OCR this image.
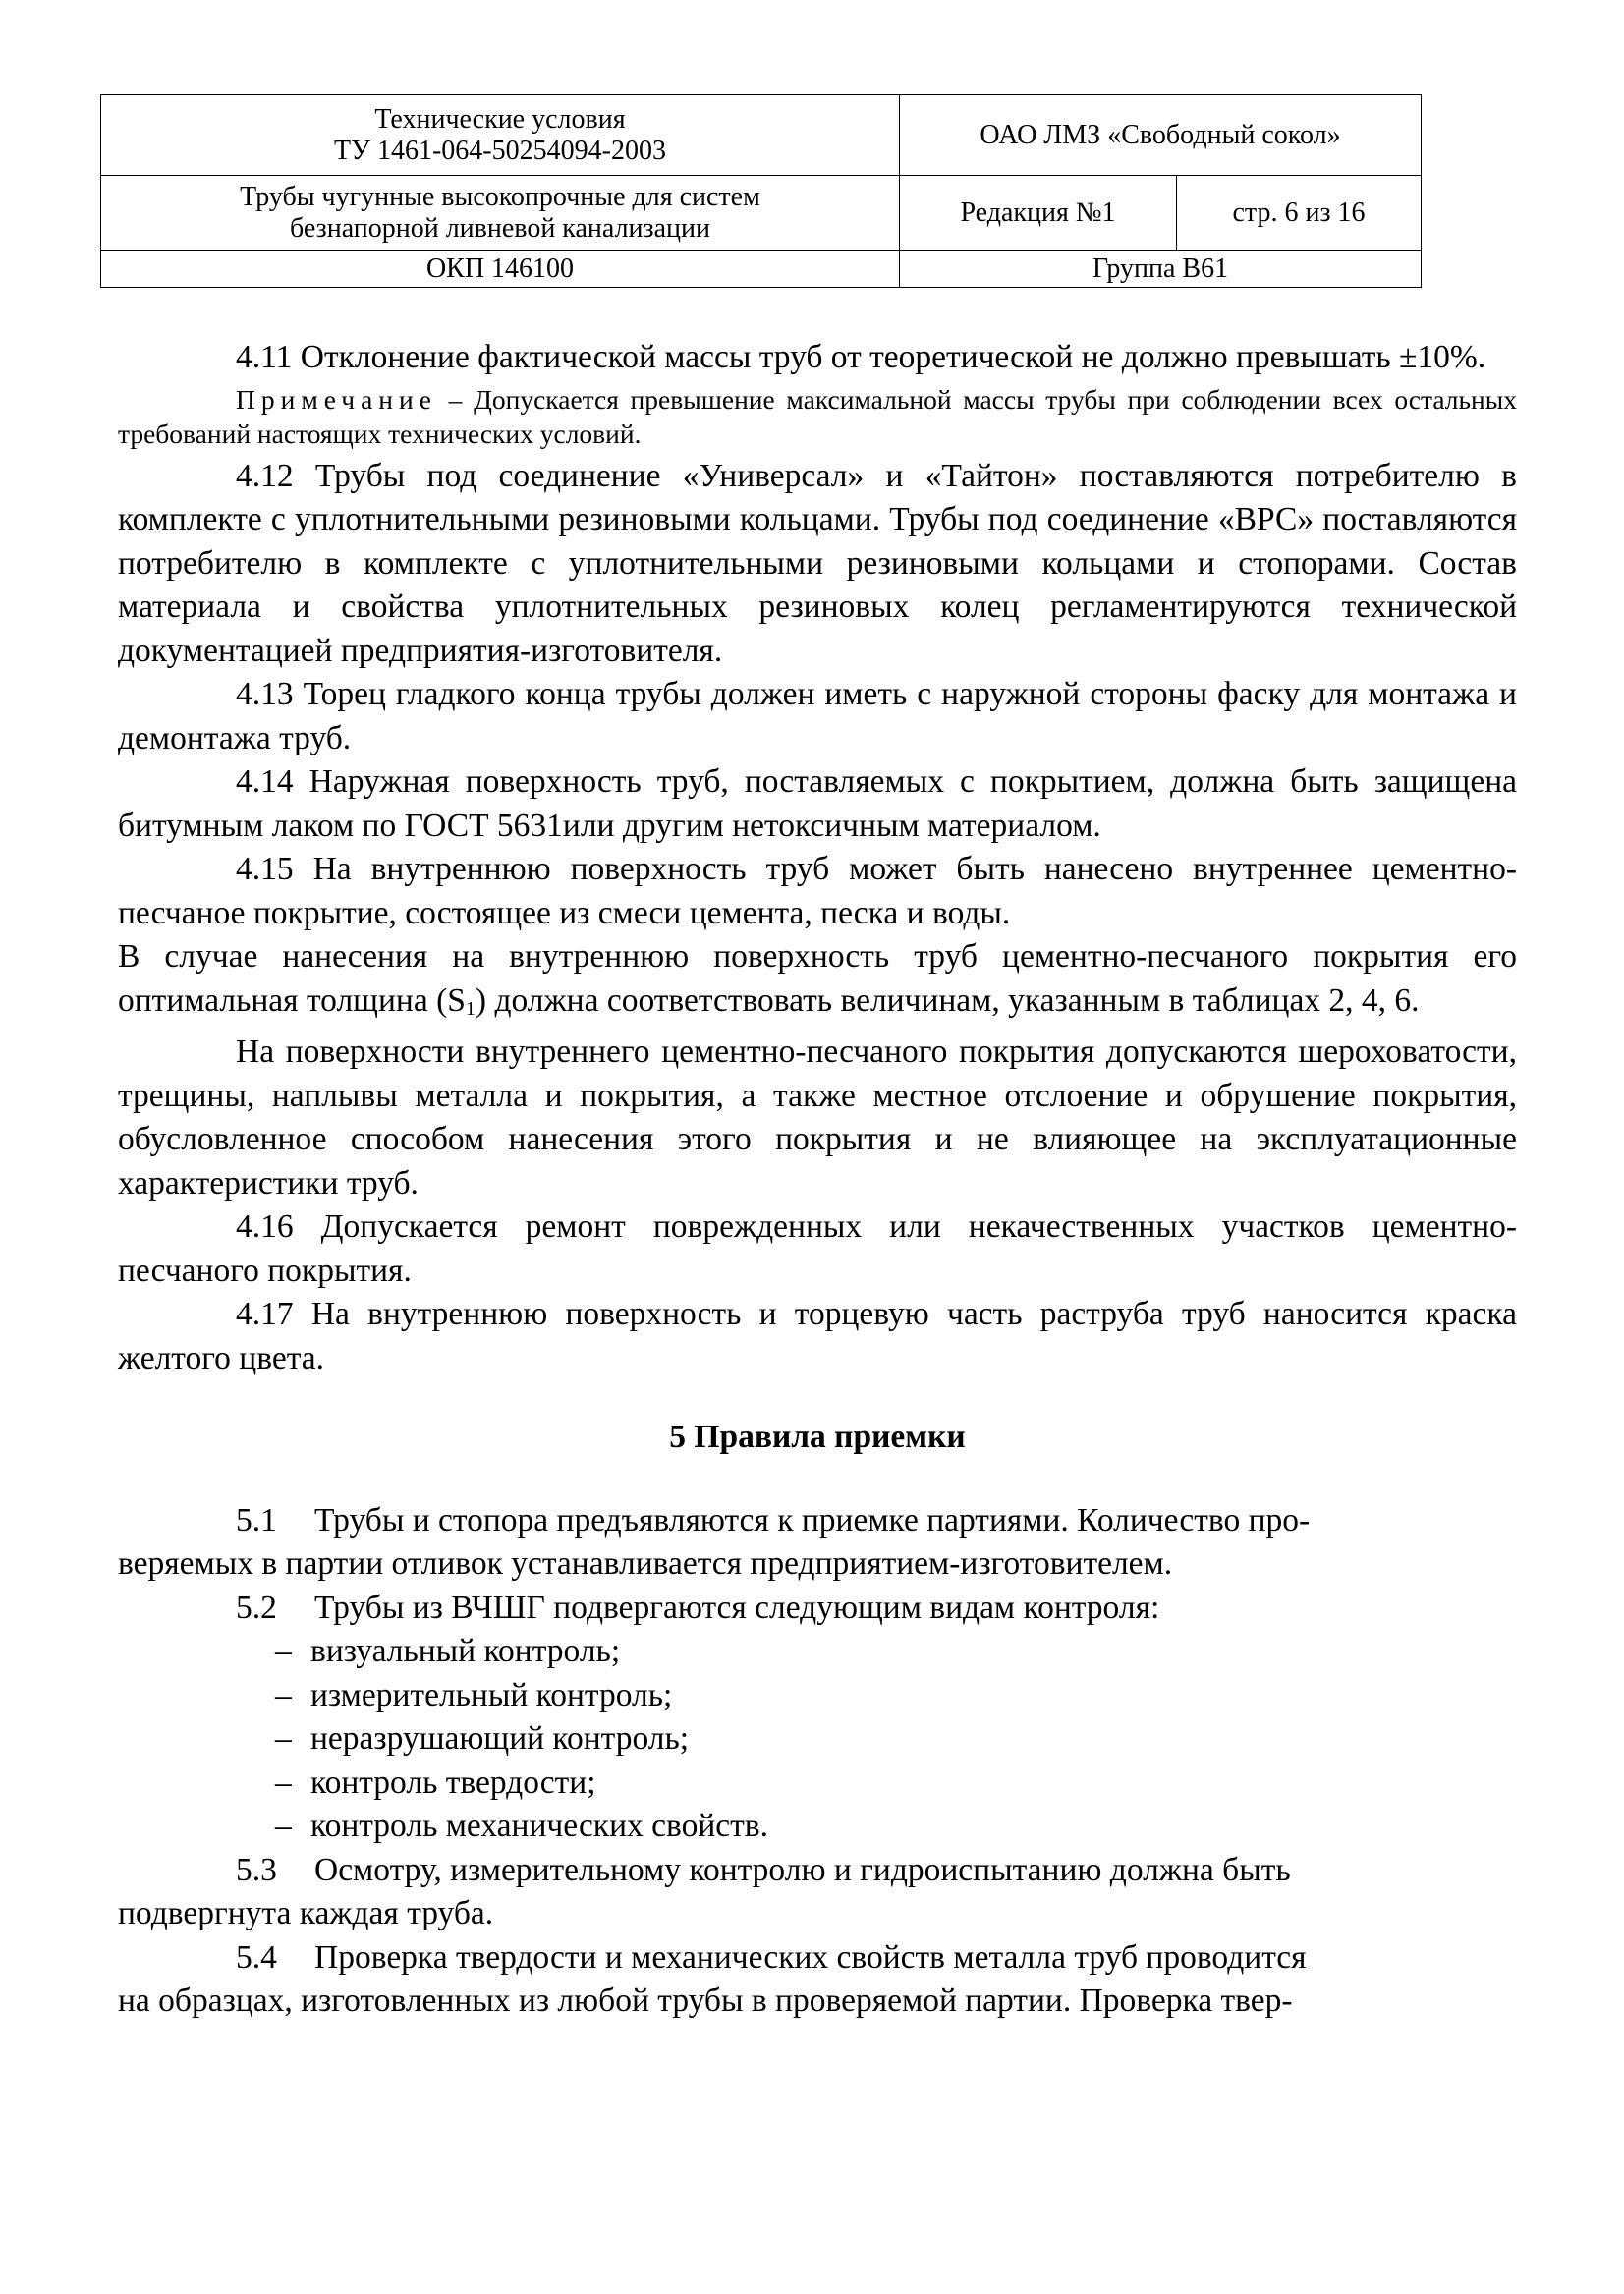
Технические условия
ТУ 1461-064-50254094-2003	ОАО ЛМЗ «Свободный сокол»	

Трубы чугунные высокопрочные для систем
безнапорной ливневой канализации	Редакция №1	стр. 6 из 16
ОКП 146100	Группа В61	

4.11 Отклонение фактической массы труб от теоретической не должно превышать ±10%.

Примечание – Допускается превышение максимальной массы трубы при соблюдении всех остальных требований настоящих технических условий.

4.12 Трубы под соединение «Универсал» и «Тайтон» поставляются потребителю в комплекте с уплотнительными резиновыми кольцами. Трубы под соединение «ВРС» поставляются потребителю в комплекте с уплотнительными резиновыми кольцами и стопорами. Состав материала и свойства уплотнительных резиновых колец регламентируются технической документацией предприятия-изготовителя.

4.13 Торец гладкого конца трубы должен иметь с наружной стороны фаску для монтажа и демонтажа труб.

4.14 Наружная поверхность труб, поставляемых с покрытием, должна быть защищена битумным лаком по ГОСТ 5631или другим нетоксичным материалом.

4.15 На внутреннюю поверхность труб может быть нанесено внутреннее цементно-песчаное покрытие, состоящее из смеси цемента, песка и воды.

В случае нанесения на внутреннюю поверхность труб цементно-песчаного покрытия его оптимальная толщина $(S_1)$ должна соответствовать величинам, указанным в таблицах 2, 4, 6.

На поверхности внутреннего цементно-песчаного покрытия допускаются шероховатости, трещины, наплывы металла и покрытия, а также местное отслоение и обрушение покрытия, обусловленное способом нанесения этого покрытия и не влияющее на эксплуатационные характеристики труб.

4.16 Допускается ремонт поврежденных или некачественных участков цементно-песчаного покрытия.

4.17 На внутреннюю поверхность и торцевую часть раструба труб наносится краска желтого цвета.

5 Правила приемки

5.1	Трубы и стопора предъявляются к приемке партиями. Количество про-

веряемых в партии отливок устанавливается предприятием-изготовителем.

5.2	Трубы из ВЧШГ подвергаются следующим видам контроля:

– визуальный контроль;

– измерительный контроль;

– неразрушающий контроль;

– контроль твердости;

– контроль механических свойств.

5.3	Осмотру, измерительному контролю и гидроиспытанию должна быть

подвергнута каждая труба.

5.4	Проверка твердости и механических свойств металла труб проводится

на образцах, изготовленных из любой трубы в проверяемой партии. Проверка твер-
